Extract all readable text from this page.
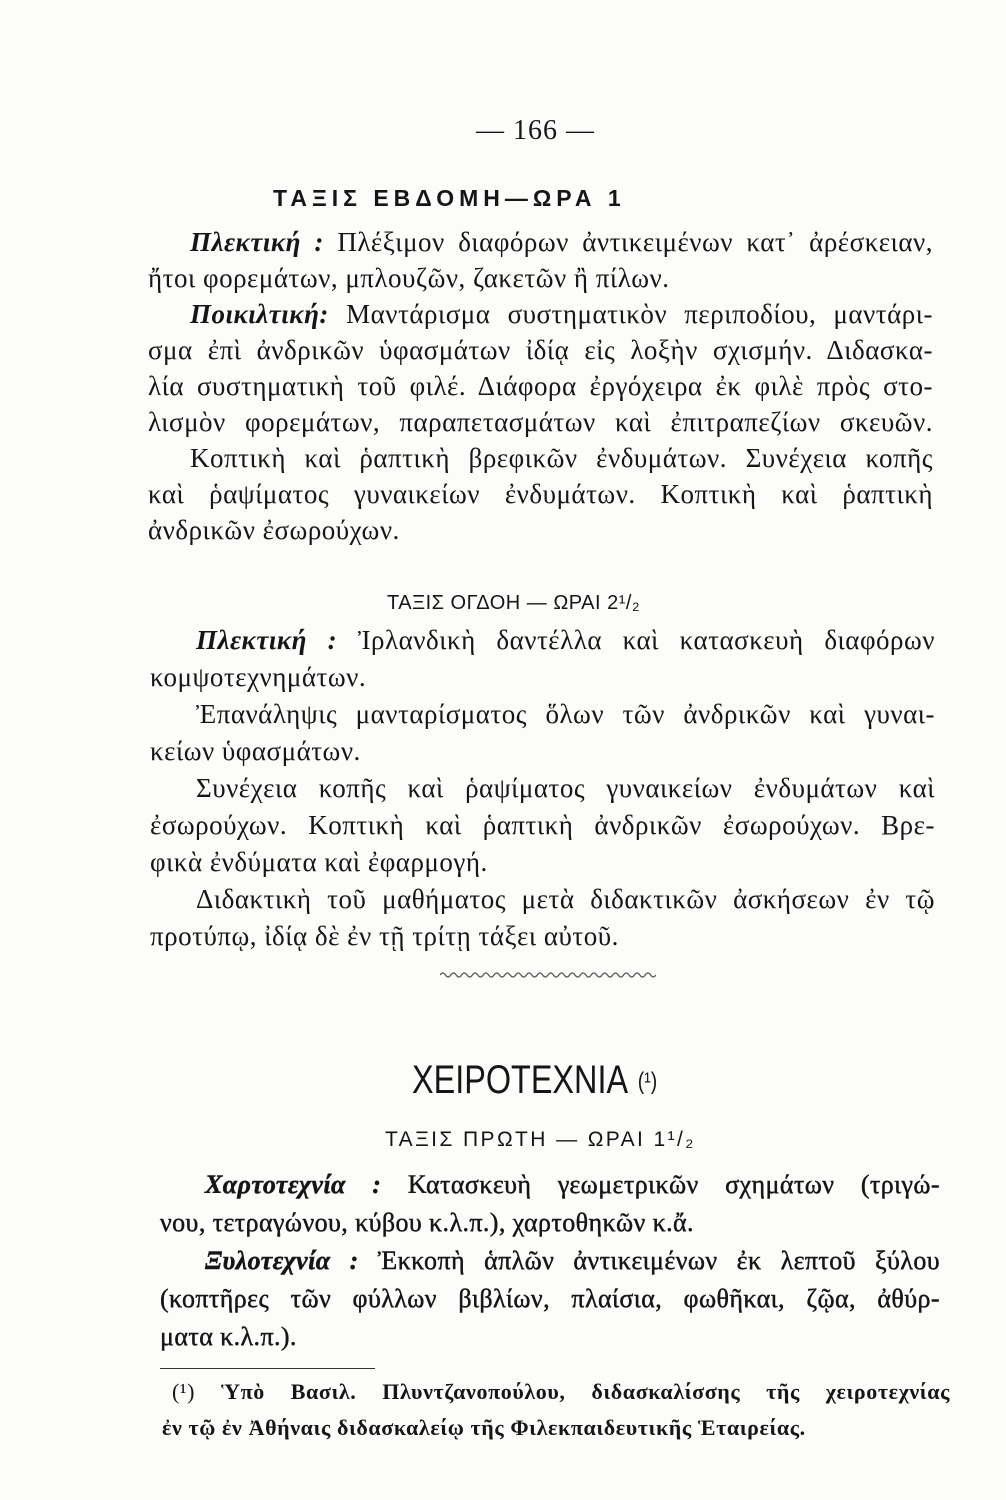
— 166 —
ΤΑΞΙΣ ΕΒΔΟΜΗ—ΩΡΑ 1
Πλεκτική : Πλέξιμον διαφόρων ἀντικειμένων κατ᾽ ἀρέσκειαν,
ἤτοι φορεμάτων, μπλουζῶν, ζακετῶν ἢ πίλων.
Ποικιλτική: Μαντάρισμα συστηματικὸν περιποδίου, μαντάρι-
σμα ἐπὶ ἀνδρικῶν ὑφασμάτων ἰδίᾳ εἰς λοξὴν σχισμήν. Διδασκα-
λία συστηματικὴ τοῦ φιλέ. Διάφορα ἐργόχειρα ἐκ φιλὲ πρὸς στο-
λισμὸν φορεμάτων, παραπετασμάτων καὶ ἐπιτραπεζίων σκευῶν.
Κοπτικὴ καὶ ῥαπτικὴ βρεφικῶν ἐνδυμάτων. Συνέχεια κοπῆς
καὶ ῥαψίματος γυναικείων ἐνδυμάτων. Κοπτικὴ καὶ ῥαπτικὴ
ἀνδρικῶν ἐσωρούχων.
ΤΑΞΙΣ ΟΓΔΟΗ — ΩΡΑΙ 2¹/₂
Πλεκτική : Ἰρλανδικὴ δαντέλλα καὶ κατασκευὴ διαφόρων
κομψοτεχνημάτων.
Ἐπανάληψις μανταρίσματος ὅλων τῶν ἀνδρικῶν καὶ γυναι-
κείων ὑφασμάτων.
Συνέχεια κοπῆς καὶ ῥαψίματος γυναικείων ἐνδυμάτων καὶ
ἐσωρούχων. Κοπτικὴ καὶ ῥαπτικὴ ἀνδρικῶν ἐσωρούχων. Βρε-
φικὰ ἐνδύματα καὶ ἐφαρμογή.
Διδακτικὴ τοῦ μαθήματος μετὰ διδακτικῶν ἀσκήσεων ἐν τῷ
προτύπῳ, ἰδίᾳ δὲ ἐν τῇ τρίτῃ τάξει αὐτοῦ.
ΧΕΙΡΟΤΕΧΝΙΑ (¹)
ΤΑΞΙΣ ΠΡΩΤΗ — ΩΡΑΙ 1¹/₂
Χαρτοτεχνία : Κατασκευὴ γεωμετρικῶν σχημάτων (τριγώ-
νου, τετραγώνου, κύβου κ.λ.π.), χαρτοθηκῶν κ.ἄ.
Ξυλοτεχνία : Ἐκκοπὴ ἁπλῶν ἀντικειμένων ἐκ λεπτοῦ ξύλου
(κοπτῆρες τῶν φύλλων βιβλίων, πλαίσια, φωθῆκαι, ζῷα, ἀθύρ-
ματα κ.λ.π.).
(¹) Ὑπὸ Βασιλ. Πλυντζανοπούλου, διδασκαλίσσης τῆς χειροτεχνίας
ἐν τῷ ἐν Ἀθήναις διδασκαλείῳ τῆς Φιλεκπαιδευτικῆς Ἑταιρείας.
